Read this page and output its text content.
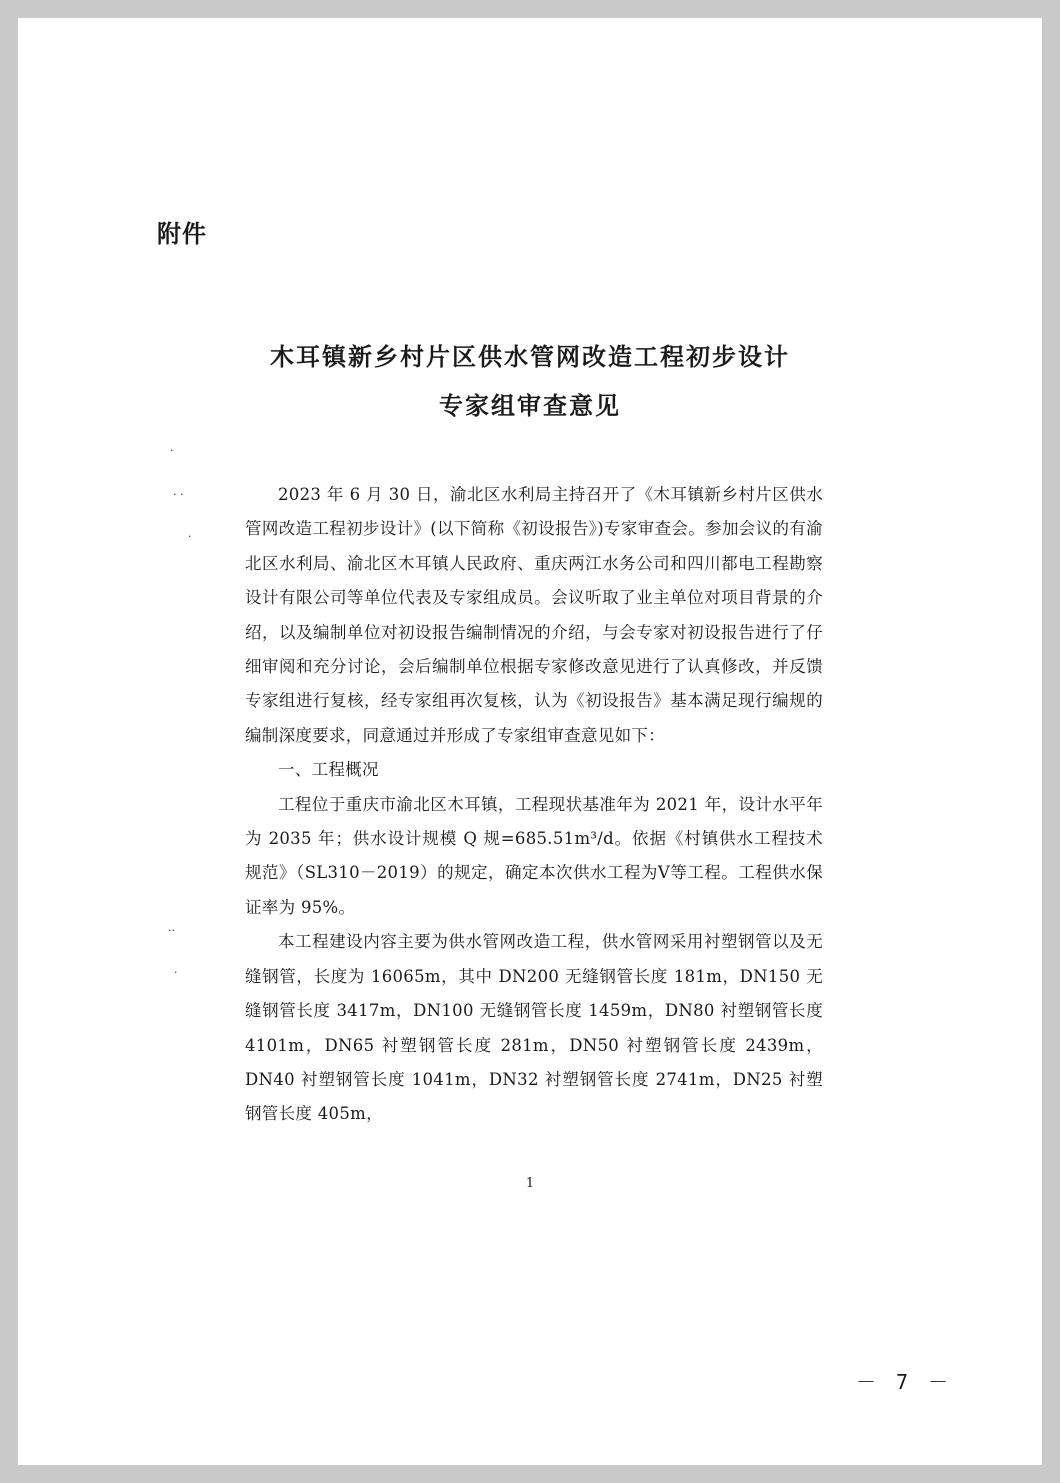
附件
木耳镇新乡村片区供水管网改造工程初步设计
专家组审查意见
·
· ·
·
··
·

2023 年 6 月 30 日，渝北区水利局主持召开了《木耳镇新乡村片区供水管网改造工程初步设计》(以下简称《初设报告》)专家审查会。参加会议的有渝北区水利局、渝北区木耳镇人民政府、重庆两江水务公司和四川都电工程勘察设计有限公司等单位代表及专家组成员。会议听取了业主单位对项目背景的介绍，以及编制单位对初设报告编制情况的介绍，与会专家对初设报告进行了仔细审阅和充分讨论，会后编制单位根据专家修改意见进行了认真修改，并反馈专家组进行复核，经专家组再次复核，认为《初设报告》基本满足现行编规的编制深度要求，同意通过并形成了专家组审查意见如下：

一、工程概况

工程位于重庆市渝北区木耳镇，工程现状基准年为 2021 年，设计水平年为 2035 年；供水设计规模 Q 规=685.51m³/d。依据《村镇供水工程技术规范》（SL310－2019）的规定，确定本次供水工程为Ⅴ等工程。工程供水保证率为 95%。

本工程建设内容主要为供水管网改造工程，供水管网采用衬塑钢管以及无缝钢管，长度为 16065m，其中 DN200 无缝钢管长度 181m，DN150 无缝钢管长度 3417m，DN100 无缝钢管长度 1459m，DN80 衬塑钢管长度 4101m，DN65 衬塑钢管长度 281m，DN50 衬塑钢管长度 2439m，DN40 衬塑钢管长度 1041m，DN32 衬塑钢管长度 2741m，DN25 衬塑钢管长度 405m，

1
－ 7 －
